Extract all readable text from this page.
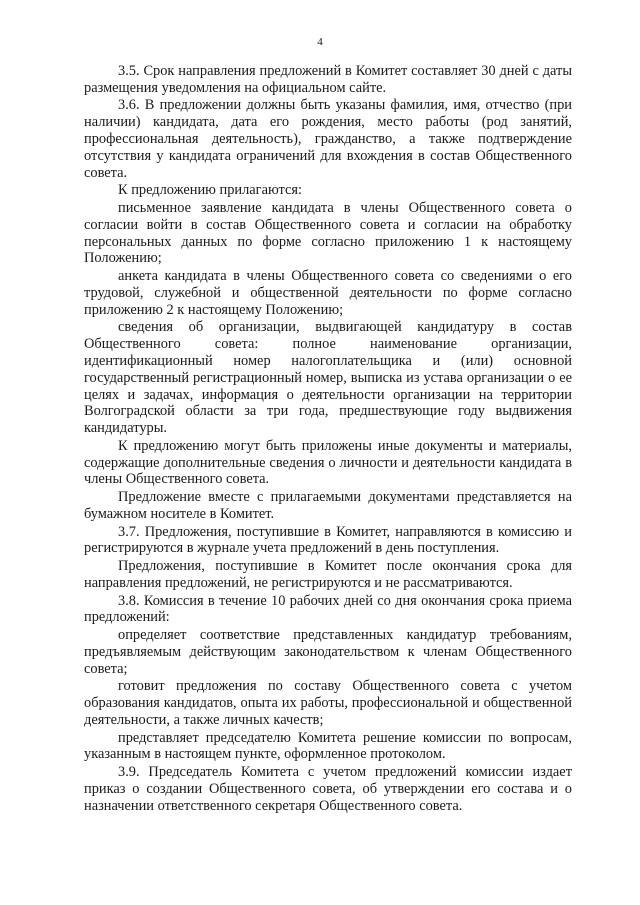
4

3.5. Срок направления предложений в Комитет составляет 30 дней с даты размещения уведомления на официальном сайте.

3.6. В предложении должны быть указаны фамилия, имя, отчество (при наличии) кандидата, дата его рождения, место работы (род занятий, профессиональная деятельность), гражданство, а также подтверждение отсутствия у кандидата ограничений для вхождения в состав Общественного совета.

К предложению прилагаются:

письменное заявление кандидата в члены Общественного совета о согласии войти в состав Общественного совета и согласии на обработку персональных данных по форме согласно приложению 1 к настоящему Положению;

анкета кандидата в члены Общественного совета со сведениями о его трудовой, служебной и общественной деятельности по форме согласно приложению 2 к настоящему Положению;

сведения об организации, выдвигающей кандидатуру в состав Общественного совета: полное наименование организации, идентификационный номер налогоплательщика и (или) основной государственный регистрационный номер, выписка из устава организации о ее целях и задачах, информация о деятельности организации на территории Волгоградской области за три года, предшествующие году выдвижения кандидатуры.

К предложению могут быть приложены иные документы и материалы, содержащие дополнительные сведения о личности и деятельности кандидата в члены Общественного совета.

Предложение вместе с прилагаемыми документами представляется на бумажном носителе в Комитет.

3.7. Предложения, поступившие в Комитет, направляются в комиссию и регистрируются в журнале учета предложений в день поступления.

Предложения, поступившие в Комитет после окончания срока для направления предложений, не регистрируются и не рассматриваются.

3.8. Комиссия в течение 10 рабочих дней со дня окончания срока приема предложений:

определяет соответствие представленных кандидатур требованиям, предъявляемым действующим законодательством к членам Общественного совета;

готовит предложения по составу Общественного совета с учетом образования кандидатов, опыта их работы, профессиональной и общественной деятельности, а также личных качеств;

представляет председателю Комитета решение комиссии по вопросам, указанным в настоящем пункте, оформленное протоколом.

3.9. Председатель Комитета с учетом предложений комиссии издает приказ о создании Общественного совета, об утверждении его состава и о назначении ответственного секретаря Общественного совета.
